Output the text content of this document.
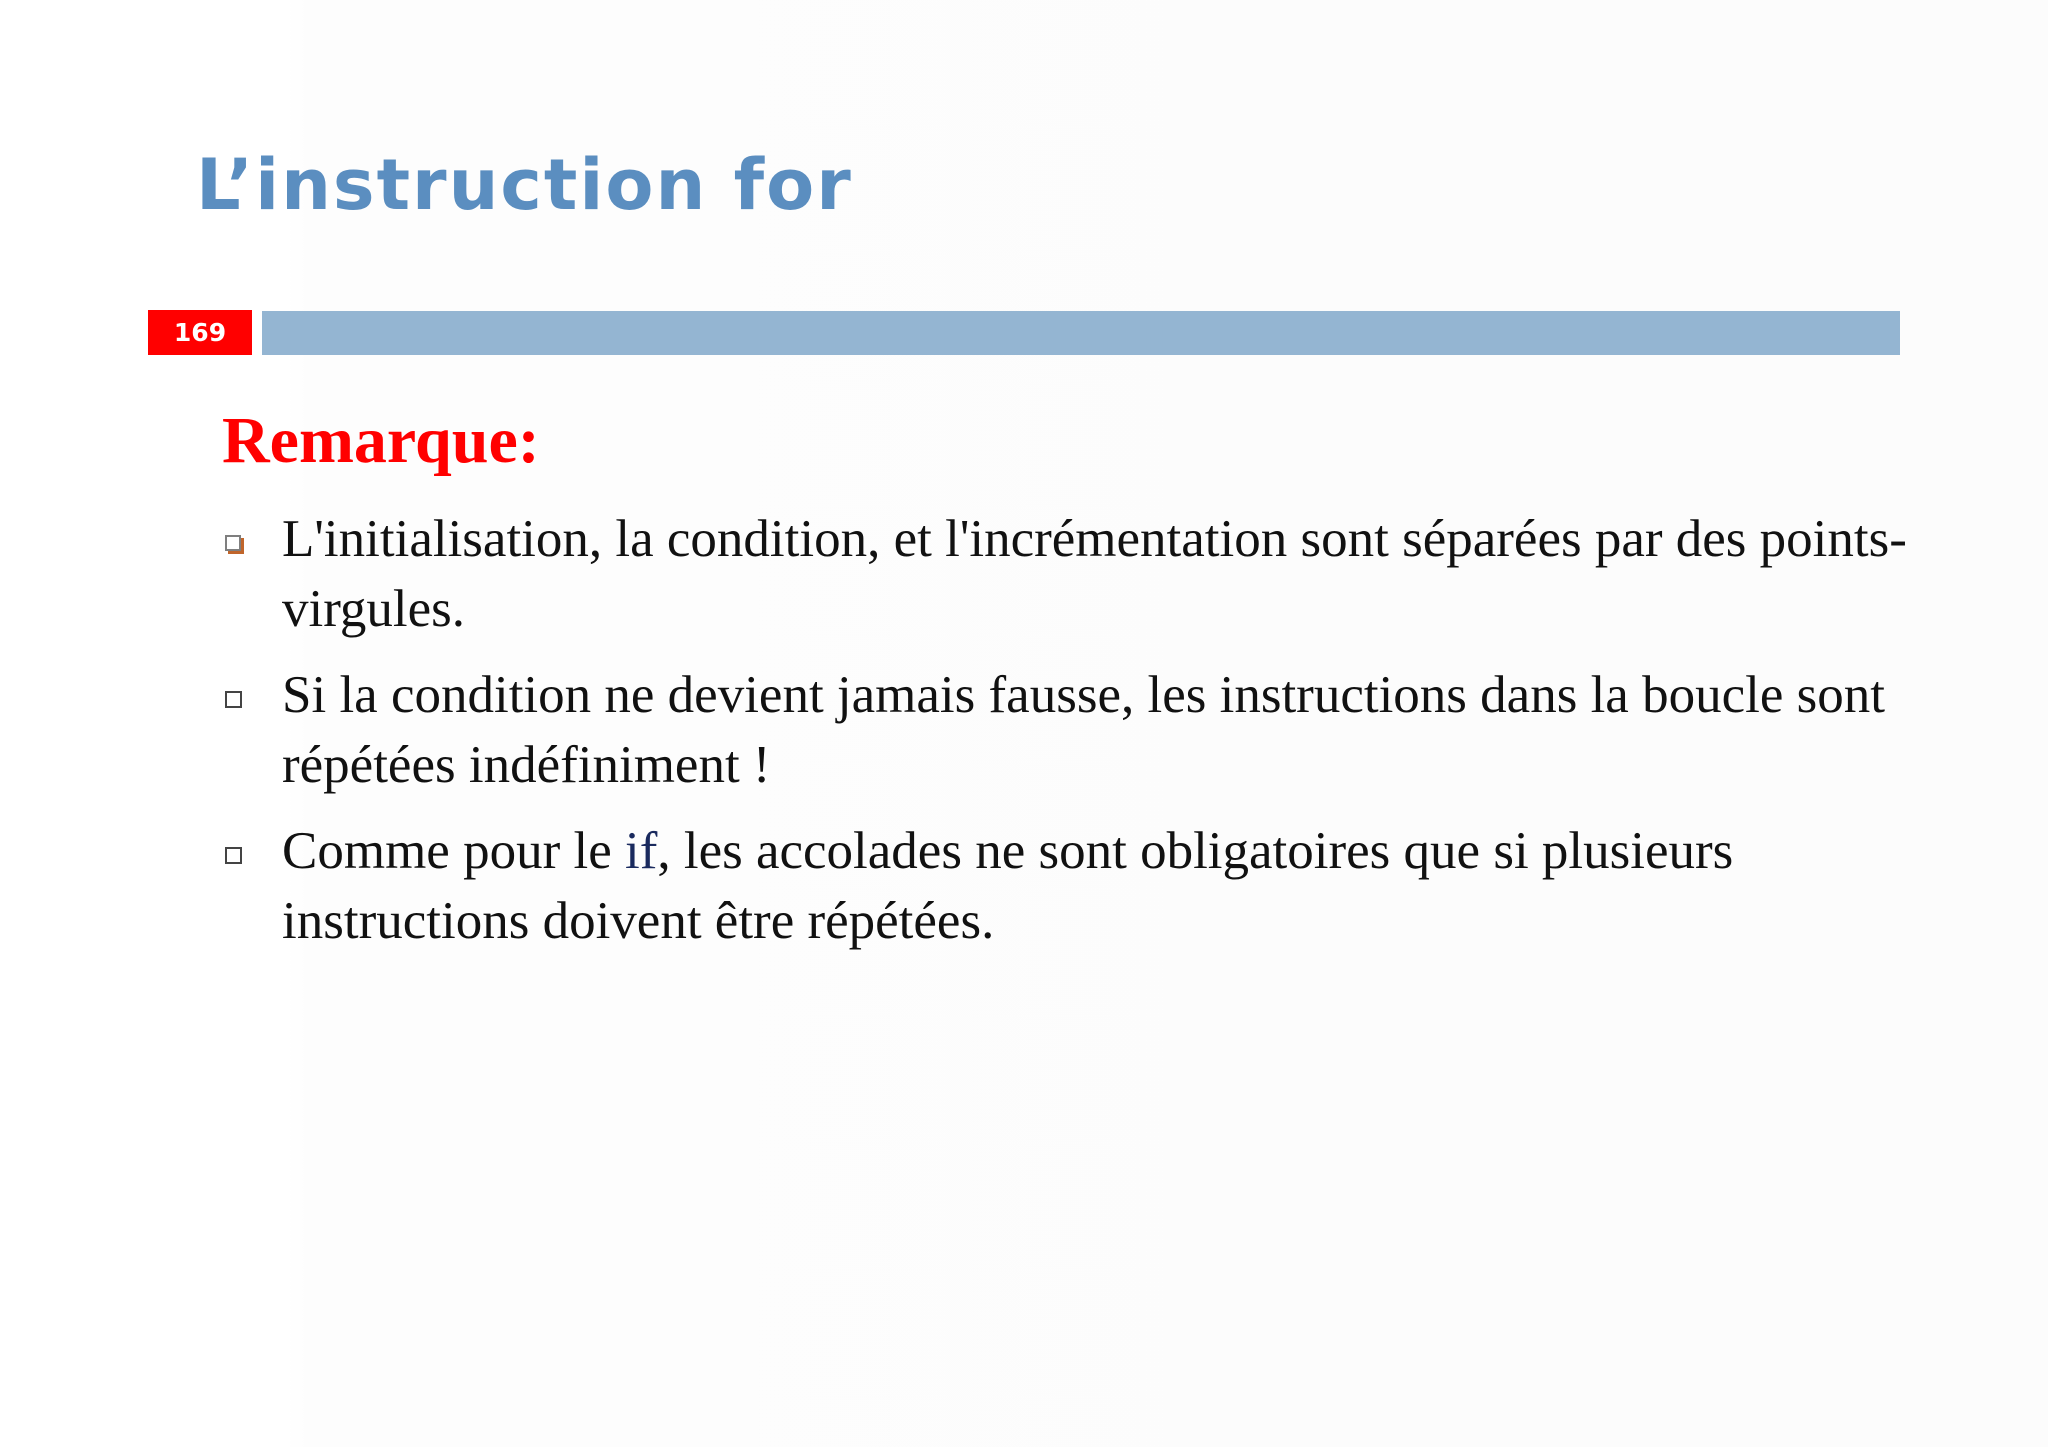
L’instruction for
169
Remarque:
L'initialisation, la condition, et l'incrémentation sont séparées par des points-virgules.
Si la condition ne devient jamais fausse, les instructions dans la boucle sont répétées indéfiniment !
Comme pour le if, les accolades ne sont obligatoires que si plusieurs instructions doivent être répétées.
